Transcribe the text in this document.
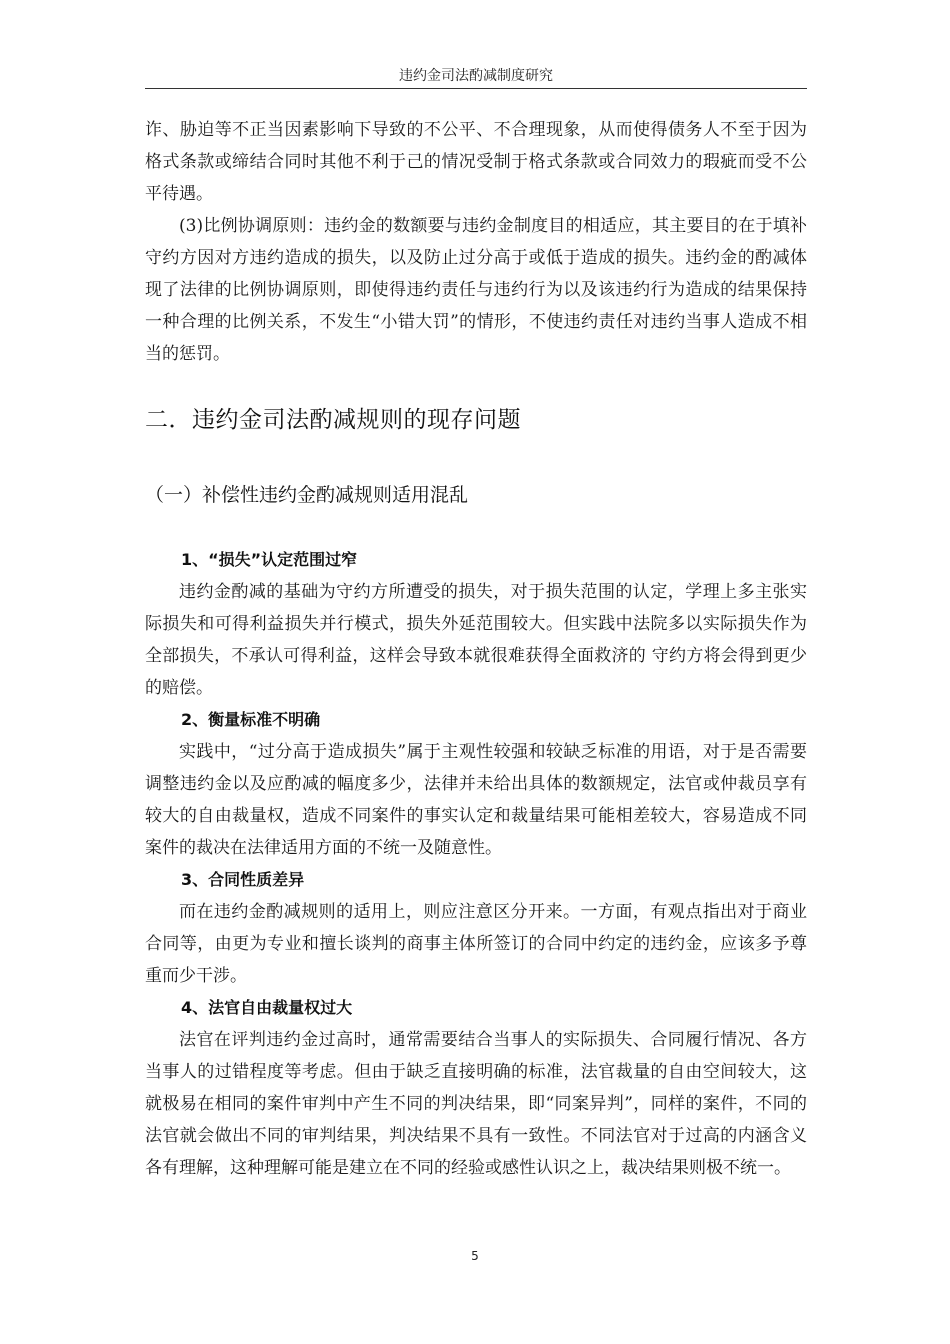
违约金司法酌减制度研究

诈、胁迫等不正当因素影响下导致的不公平、不合理现象，从而使得债务人不至于因为格式条款或缔结合同时其他不利于己的情况受制于格式条款或合同效力的瑕疵而受不公平待遇。

(3)比例协调原则：违约金的数额要与违约金制度目的相适应，其主要目的在于填补守约方因对方违约造成的损失，以及防止过分高于或低于造成的损失。违约金的酌减体现了法律的比例协调原则，即使得违约责任与违约行为以及该违约行为造成的结果保持一种合理的比例关系，不发生“小错大罚”的情形，不使违约责任对违约当事人造成不相当的惩罚。

二．违约金司法酌减规则的现存问题
（一）补偿性违约金酌减规则适用混乱
1、“损失”认定范围过窄

违约金酌减的基础为守约方所遭受的损失，对于损失范围的认定，学理上多主张实际损失和可得利益损失并行模式，损失外延范围较大。但实践中法院多以实际损失作为全部损失，不承认可得利益，这样会导致本就很难获得全面救济的 守约方将会得到更少的赔偿。

2、衡量标准不明确

实践中，“过分高于造成损失”属于主观性较强和较缺乏标准的用语，对于是否需要调整违约金以及应酌减的幅度多少，法律并未给出具体的数额规定，法官或仲裁员享有较大的自由裁量权，造成不同案件的事实认定和裁量结果可能相差较大，容易造成不同案件的裁决在法律适用方面的不统一及随意性。

3、合同性质差异

而在违约金酌减规则的适用上，则应注意区分开来。一方面，有观点指出对于商业合同等，由更为专业和擅长谈判的商事主体所签订的合同中约定的违约金，应该多予尊重而少干涉。

4、法官自由裁量权过大

法官在评判违约金过高时，通常需要结合当事人的实际损失、合同履行情况、各方当事人的过错程度等考虑。但由于缺乏直接明确的标准，法官裁量的自由空间较大，这就极易在相同的案件审判中产生不同的判决结果，即“同案异判”，同样的案件，不同的法官就会做出不同的审判结果，判决结果不具有一致性。不同法官对于过高的内涵含义各有理解，这种理解可能是建立在不同的经验或感性认识之上，裁决结果则极不统一。

5
